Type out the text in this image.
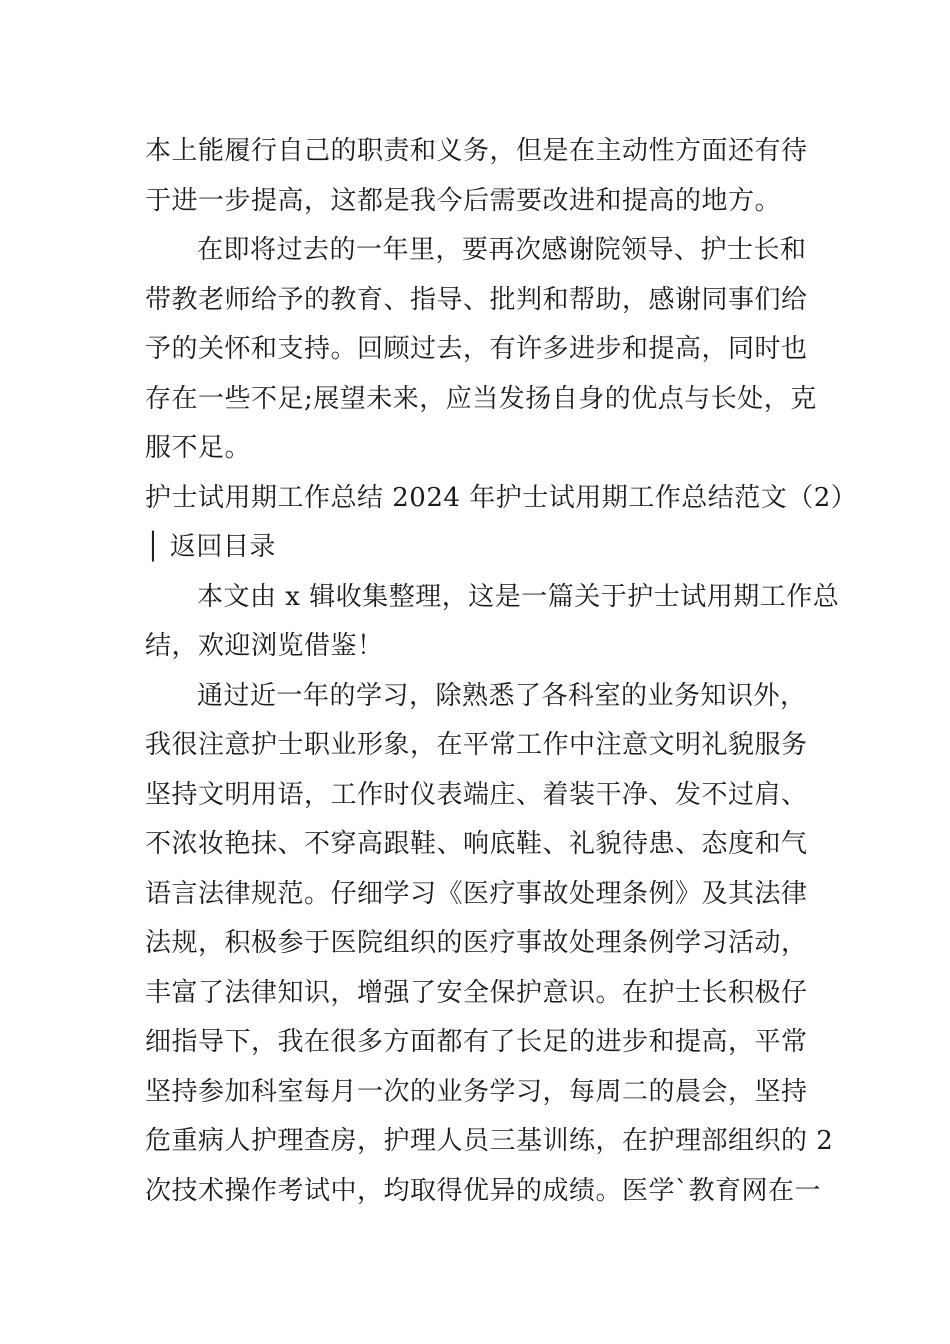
本上能履行自己的职责和义务，但是在主动性方面还有待
于进一步提高，这都是我今后需要改进和提高的地方。
在即将过去的一年里，要再次感谢院领导、护士长和
带教老师给予的教育、指导、批判和帮助，感谢同事们给
予的关怀和支持。回顾过去，有许多进步和提高，同时也
存在一些不足;展望未来，应当发扬自身的优点与长处，克
服不足。
护士试用期工作总结 2024 年护士试用期工作总结范文（2）
│ 返回目录
本文由 x 辑收集整理，这是一篇关于护士试用期工作总
结，欢迎浏览借鉴！
通过近一年的学习，除熟悉了各科室的业务知识外，
我很注意护士职业形象，在平常工作中注意文明礼貌服务
坚持文明用语，工作时仪表端庄、着装干净、发不过肩、
不浓妆艳抹、不穿高跟鞋、响底鞋、礼貌待患、态度和气
语言法律规范。仔细学习《医疗事故处理条例》及其法律
法规，积极参于医院组织的医疗事故处理条例学习活动，
丰富了法律知识，增强了安全保护意识。在护士长积极仔
细指导下，我在很多方面都有了长足的进步和提高，平常
坚持参加科室每月一次的业务学习，每周二的晨会，坚持
危重病人护理查房，护理人员三基训练，在护理部组织的 2
次技术操作考试中，均取得优异的成绩。医学`教育网在一
